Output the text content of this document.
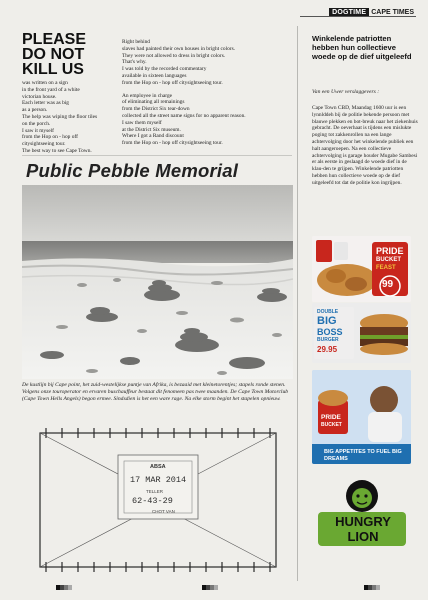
DOGTIME CAPE TIMES
PLEASE
DO NOT
KILL US

was written on a sign
in the front yard of a white
victorian house.
Each letter was as big
as a person.
The help was wiping the floor tiles
on the porch.
I saw it myself
from the Hop on - hop off citysightseeing tour.
The best way to see Cape Town.

Right behind
slaves had painted their own houses in bright colors.
They were not allowed to dress in bright colors.
That's why.
I was told by the recorded commentary
available in sixteen languages
from the Hop on - hop off citysightseeing tour.

An employee in charge
of eliminating all remainings
from the District Six tear-down
collected all the street name signs for no apparent reason.
I saw them myself
at the District Six museum.
Where I got a Rand discount
from the Hop on - hop off citysightseeing tour.

Public Pebble Memorial
De kustlijn bij Cape point, het zuid-westelijkse puntje van Afrika, is bezaaid met kleinetorentjes; stapels ronde stenen. Volgens onze touroperator en ervaren buschauffeur bestaat dit fenomeen pas twee maanden. De Cape Town Motorclub (Cape Town Hells Angels) begon ermee. Sindsdien is het een ware rage. Na elke storm begint het stapelen opnieuw.
ABSA
17 MAR 2014
TELLER
62-43-29
CHOT VAN
Winkelende patriotten hebben hun collectieve woede op de dief uitgeleefd
Van een Uwer verslaggevers :
Cape Town CBD, Maandag 1600 uur is een lynnlddeh bij de politie bekende persoon met blauwe plekken en bot-breuk naar het ziekenhuis gebracht. De oeverhaat is tijdens een mislukte poging tot zakkenrollen na een lange achtervolging door het winkelende publiek een halt aangeroepen. Na een collectieve achtervolging is garage houder Mugabe Sambesi er als eerste in geslaagd de woede dief in de klau-den te grijpen. Winkelende patriotten hebben hun collectieve woede op de dief uitgeleefd tot dat de politie kon ingrijpen.
PRIDE
BUCKET
FEAST
99
DOUBLE
BIG
BOSS
BURGER
29.95
PRIDE
BUCKET
BIG APPETITES TO FUEL BIG DREAMS
HUNGRY
LION
